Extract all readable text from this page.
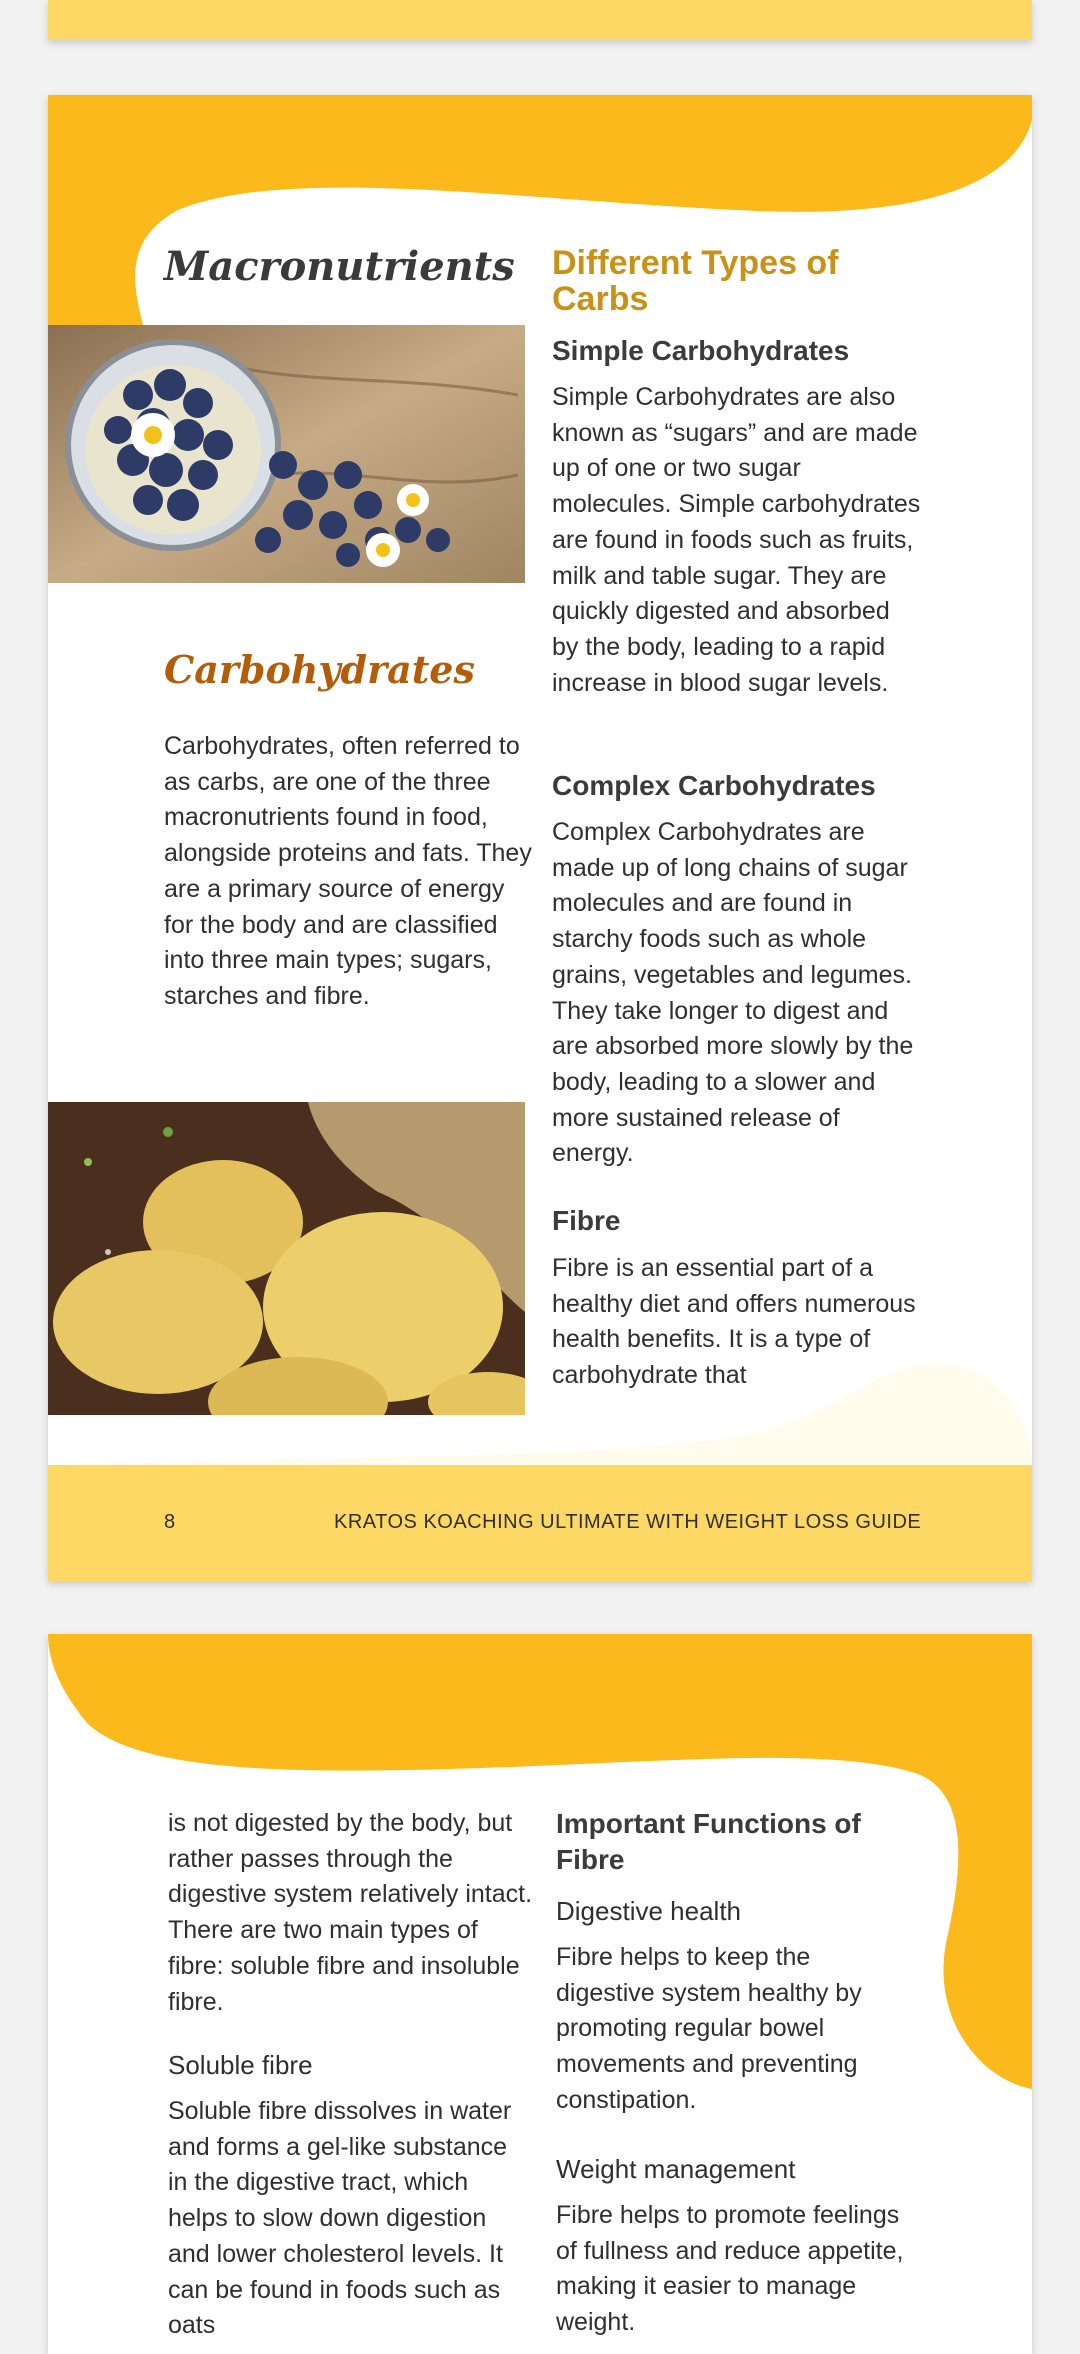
Macronutrients
Carbohydrates

Carbohydrates, often referred to as carbs, are one of the three macronutrients found in food, alongside proteins and fats. They are a primary source of energy for the body and are classified into three main types; sugars, starches and fibre.

Different Types of Carbs
Simple Carbohydrates

Simple Carbohydrates are also known as “sugars” and are made up of one or two sugar molecules. Simple carbohydrates are found in foods such as fruits, milk and table sugar. They are quickly digested and absorbed by the body, leading to a rapid increase in blood sugar levels.

Complex Carbohydrates

Complex Carbohydrates are made up of long chains of sugar molecules and are found in starchy foods such as whole grains, vegetables and legumes. They take longer to digest and are absorbed more slowly by the body, leading to a slower and more sustained release of energy.

Fibre

Fibre is an essential part of a healthy diet and offers numerous health benefits. It is a type of carbohydrate that

8	KRATOS KOACHING ULTIMATE WITH WEIGHT LOSS GUIDE

is not digested by the body, but rather passes through the digestive system relatively intact. There are two main types of fibre: soluble fibre and insoluble fibre.

Soluble fibre

Soluble fibre dissolves in water and forms a gel-like substance in the digestive tract, which helps to slow down digestion and lower cholesterol levels. It can be found in foods such as oats

Important Functions of Fibre
Digestive health

Fibre helps to keep the digestive system healthy by promoting regular bowel movements and preventing constipation.

Weight management

Fibre helps to promote feelings of fullness and reduce appetite, making it easier to manage weight.
